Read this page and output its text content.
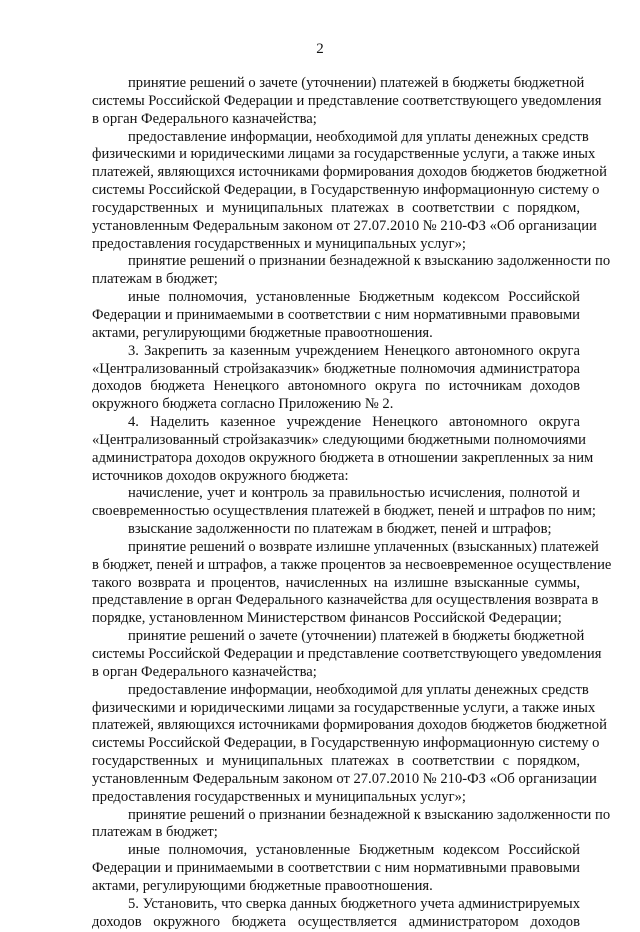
2
принятие решений о зачете (уточнении) платежей в бюджеты бюджетной
системы Российской Федерации и представление соответствующего уведомления
в орган Федерального казначейства;
предоставление информации, необходимой для уплаты денежных средств
физическими и юридическими лицами за государственные услуги, а также иных
платежей, являющихся источниками формирования доходов бюджетов бюджетной
системы Российской Федерации, в Государственную информационную систему о
государственных и муниципальных платежах в соответствии с порядком,
установленным Федеральным законом от 27.07.2010 № 210-ФЗ «Об организации
предоставления государственных и муниципальных услуг»;
принятие решений о признании безнадежной к взысканию задолженности по
платежам в бюджет;
иные полномочия, установленные Бюджетным кодексом Российской
Федерации и принимаемыми в соответствии с ним нормативными правовыми
актами, регулирующими бюджетные правоотношения.
3. Закрепить за казенным учреждением Ненецкого автономного округа
«Централизованный стройзаказчик» бюджетные полномочия администратора
доходов бюджета Ненецкого автономного округа по источникам доходов
окружного бюджета согласно Приложению № 2.
4. Наделить казенное учреждение Ненецкого автономного округа
«Централизованный стройзаказчик» следующими бюджетными полномочиями
администратора доходов окружного бюджета в отношении закрепленных за ним
источников доходов окружного бюджета:
начисление, учет и контроль за правильностью исчисления, полнотой и
своевременностью осуществления платежей в бюджет, пеней и штрафов по ним;
взыскание задолженности по платежам в бюджет, пеней и штрафов;
принятие решений о возврате излишне уплаченных (взысканных) платежей
в бюджет, пеней и штрафов, а также процентов за несвоевременное осуществление
такого возврата и процентов, начисленных на излишне взысканные суммы,
представление в орган Федерального казначейства для осуществления возврата в
порядке, установленном Министерством финансов Российской Федерации;
принятие решений о зачете (уточнении) платежей в бюджеты бюджетной
системы Российской Федерации и представление соответствующего уведомления
в орган Федерального казначейства;
предоставление информации, необходимой для уплаты денежных средств
физическими и юридическими лицами за государственные услуги, а также иных
платежей, являющихся источниками формирования доходов бюджетов бюджетной
системы Российской Федерации, в Государственную информационную систему о
государственных и муниципальных платежах в соответствии с порядком,
установленным Федеральным законом от 27.07.2010 № 210-ФЗ «Об организации
предоставления государственных и муниципальных услуг»;
принятие решений о признании безнадежной к взысканию задолженности по
платежам в бюджет;
иные полномочия, установленные Бюджетным кодексом Российской
Федерации и принимаемыми в соответствии с ним нормативными правовыми
актами, регулирующими бюджетные правоотношения.
5. Установить, что сверка данных бюджетного учета администрируемых
доходов окружного бюджета осуществляется администратором доходов
